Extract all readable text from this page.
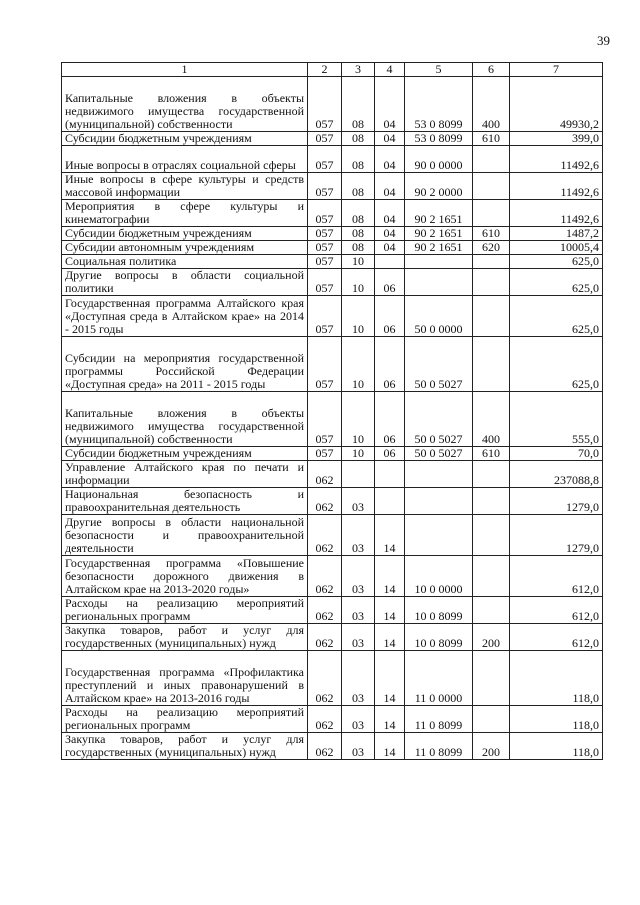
39
1	2	3	4	5	6	7
Капитальные вложения в объекты недвижимого имущества государственной (муниципальной) собственности	057	08	04	53 0 8099	400	49930,2
Субсидии бюджетным учреждениям	057	08	04	53 0 8099	610	399,0
Иные вопросы в отраслях социальной сферы	057	08	04	90 0 0000		11492,6
Иные вопросы в сфере культуры и средств массовой информации	057	08	04	90 2 0000		11492,6
Мероприятия в сфере культуры и кинематографии	057	08	04	90 2 1651		11492,6
Субсидии бюджетным учреждениям	057	08	04	90 2 1651	610	1487,2
Субсидии автономным учреждениям	057	08	04	90 2 1651	620	10005,4
Социальная политика	057	10				625,0
Другие вопросы в области социальной политики	057	10	06			625,0
Государственная программа Алтайского края «Доступная среда в Алтайском крае» на 2014 - 2015 годы	057	10	06	50 0 0000		625,0
Субсидии на мероприятия государственной программы Российской Федерации «Доступная среда» на 2011 - 2015 годы	057	10	06	50 0 5027		625,0
Капитальные вложения в объекты недвижимого имущества государственной (муниципальной) собственности	057	10	06	50 0 5027	400	555,0
Субсидии бюджетным учреждениям	057	10	06	50 0 5027	610	70,0
Управление Алтайского края по печати и информации	062					237088,8
Национальная безопасность и правоохранительная деятельность	062	03				1279,0
Другие вопросы в области национальной безопасности и правоохранительной деятельности	062	03	14			1279,0
Государственная программа «Повышение безопасности дорожного движения в Алтайском крае на 2013-2020 годы»	062	03	14	10 0 0000		612,0
Расходы на реализацию мероприятий региональных программ	062	03	14	10 0 8099		612,0
Закупка товаров, работ и услуг для государственных (муниципальных) нужд	062	03	14	10 0 8099	200	612,0
Государственная программа «Профилактика преступлений и иных правонарушений в Алтайском крае» на 2013-2016 годы	062	03	14	11 0 0000		118,0
Расходы на реализацию мероприятий региональных программ	062	03	14	11 0 8099		118,0
Закупка товаров, работ и услуг для государственных (муниципальных) нужд	062	03	14	11 0 8099	200	118,0
